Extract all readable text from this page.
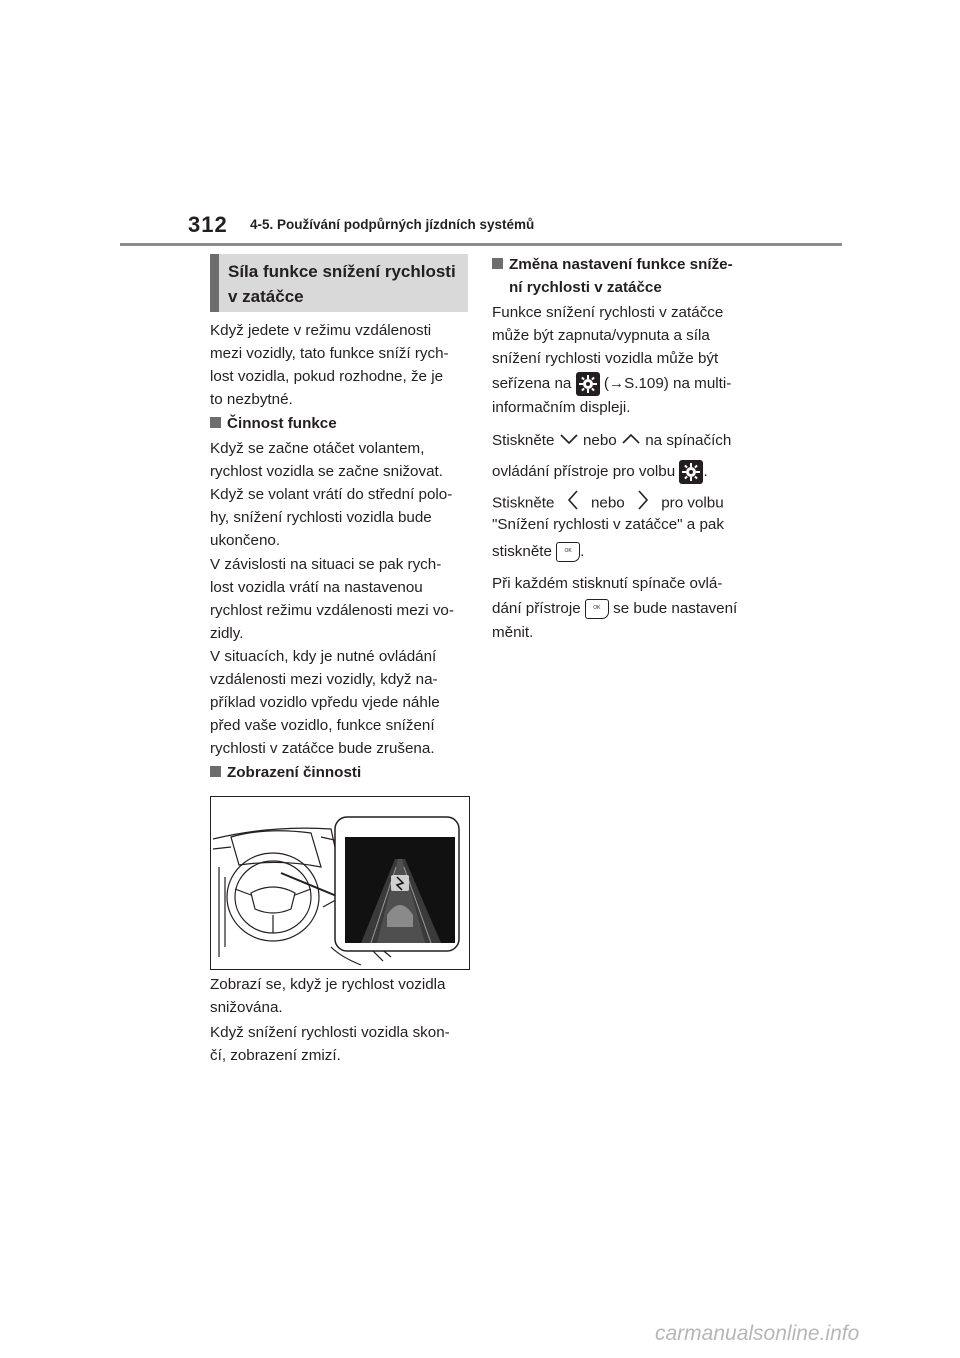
312 4-5. Používání podpůrných jízdních systémů
Síla funkce snížení rychlosti v zatáčce

Když jedete v režimu vzdálenosti

mezi vozidly, tato funkce sníží rych-

lost vozidla, pokud rozhodne, že je

to nezbytné.

Činnost funkce

Když se začne otáčet volantem,

rychlost vozidla se začne snižovat.

Když se volant vrátí do střední polo-

hy, snížení rychlosti vozidla bude

ukončeno.

V závislosti na situaci se pak rych-

lost vozidla vrátí na nastavenou

rychlost režimu vzdálenosti mezi vo-

zidly.

V situacích, kdy je nutné ovládání

vzdálenosti mezi vozidly, když na-

příklad vozidlo vpředu vjede náhle

před vaše vozidlo, funkce snížení

rychlosti v zatáčce bude zrušena.

Zobrazení činnosti

Zobrazí se, když je rychlost vozidla

snižována.

Když snížení rychlosti vozidla skon-

čí, zobrazení zmizí.

Změna nastavení funkce sníže-

ní rychlosti v zatáčce

Funkce snížení rychlosti v zatáčce

může být zapnuta/vypnuta a síla

snížení rychlosti vozidla může být

seřízena na (→S.109) na multi-
informačním displeji.
Stiskněte nebo na spínačích
ovládání přístroje pro volbu .
Stiskněte nebo pro volbu
"Snížení rychlosti v zatáčce" a pak
stiskněte	OK .
Při každém stisknutí spínače ovlá-
dání přístroje	OK se bude nastavení
měnit.
carmanualsonline.info
